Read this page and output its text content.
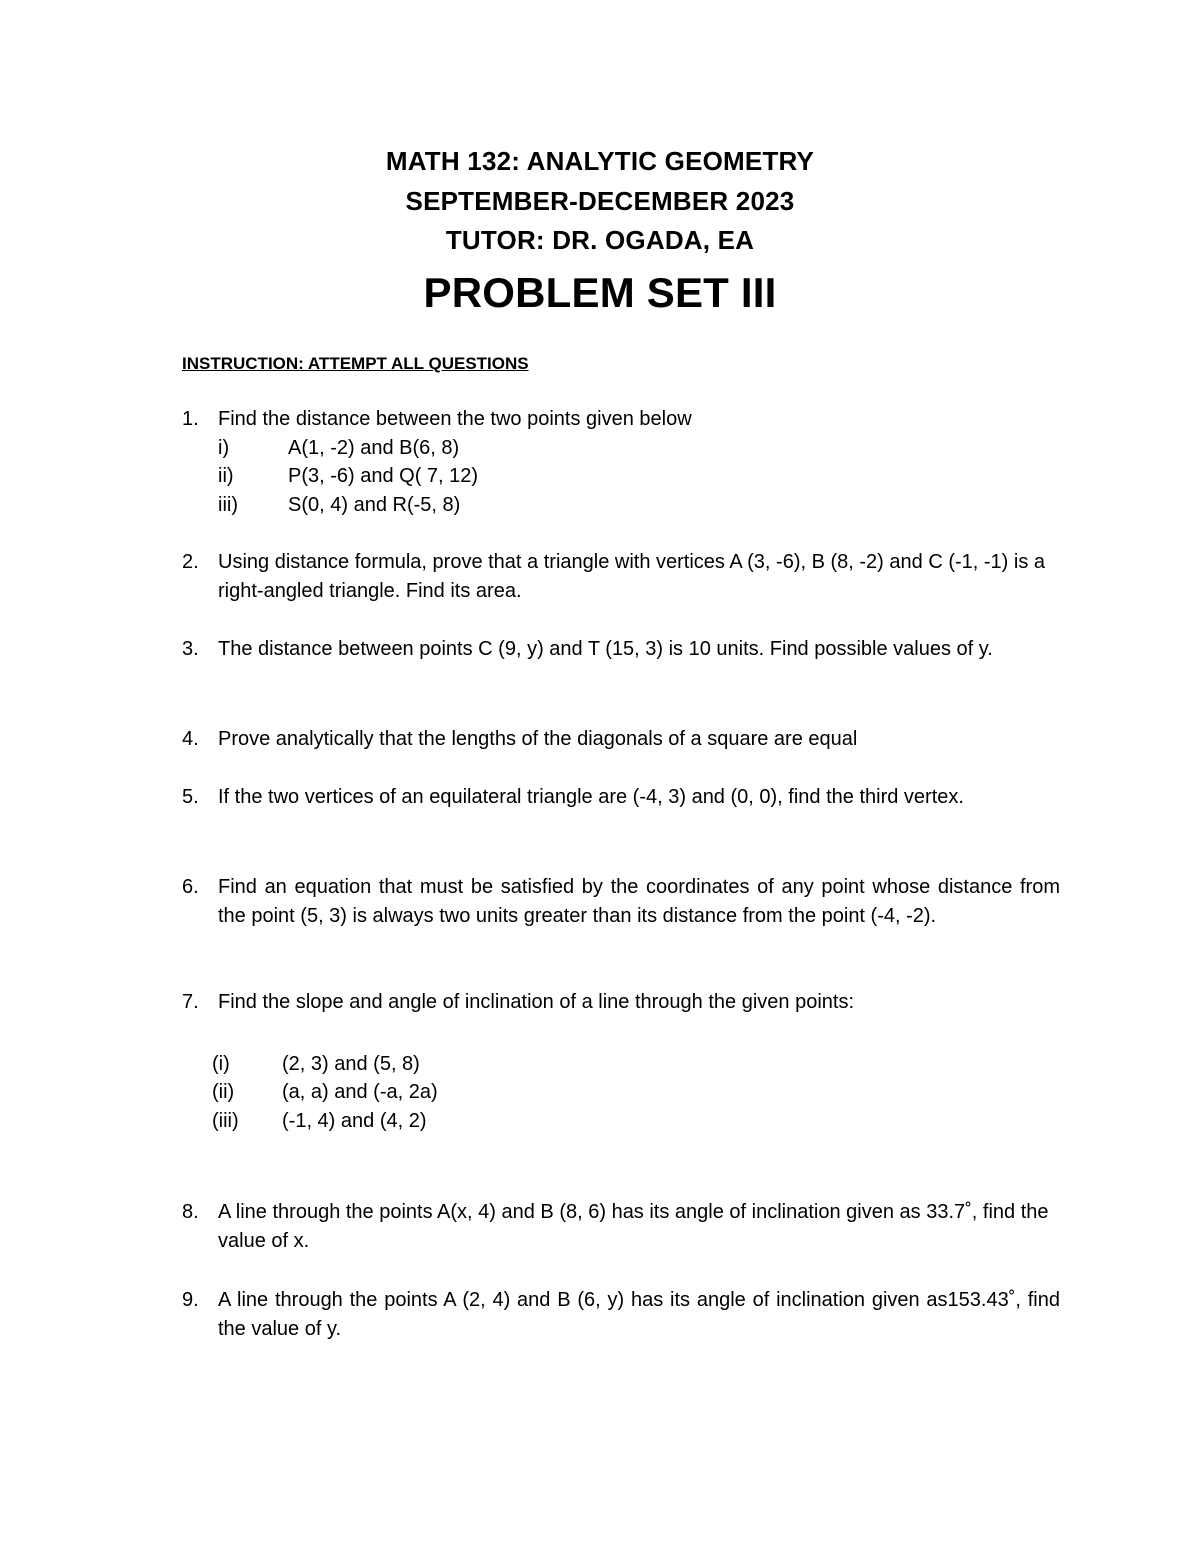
MATH 132: ANALYTIC GEOMETRY
SEPTEMBER-DECEMBER 2023
TUTOR: DR. OGADA, EA
PROBLEM SET III

INSTRUCTION: ATTEMPT ALL QUESTIONS

1. Find the distance between the two points given below
i)	A(1, -2) and B(6, 8)
ii)	P(3, -6) and Q( 7, 12)
iii)	S(0, 4) and R(-5, 8)
2. Using distance formula, prove that a triangle with vertices A (3, -6), B (8, -2) and C (-1, -1) is a right-angled triangle. Find its area.
3. The distance between points C (9, y) and T (15, 3) is 10 units. Find possible values of y.
4. Prove analytically that the lengths of the diagonals of a square are equal
5. If the two vertices of an equilateral triangle are (-4, 3) and (0, 0), find the third vertex.
6. Find an equation that must be satisfied by the coordinates of any point whose distance from the point (5, 3) is always two units greater than its distance from the point (-4, -2).
7. Find the slope and angle of inclination of a line through the given points:
(i)	(2, 3) and (5, 8)
(ii) (a, a) and (-a, 2a)
(iii) (-1, 4) and (4, 2)
8. A line through the points A(x, 4) and B (8, 6) has its angle of inclination given as 33.7˚, find the value of x.
9. A line through the points A (2, 4) and B (6, y) has its angle of inclination given as153.43˚, find the value of y.
